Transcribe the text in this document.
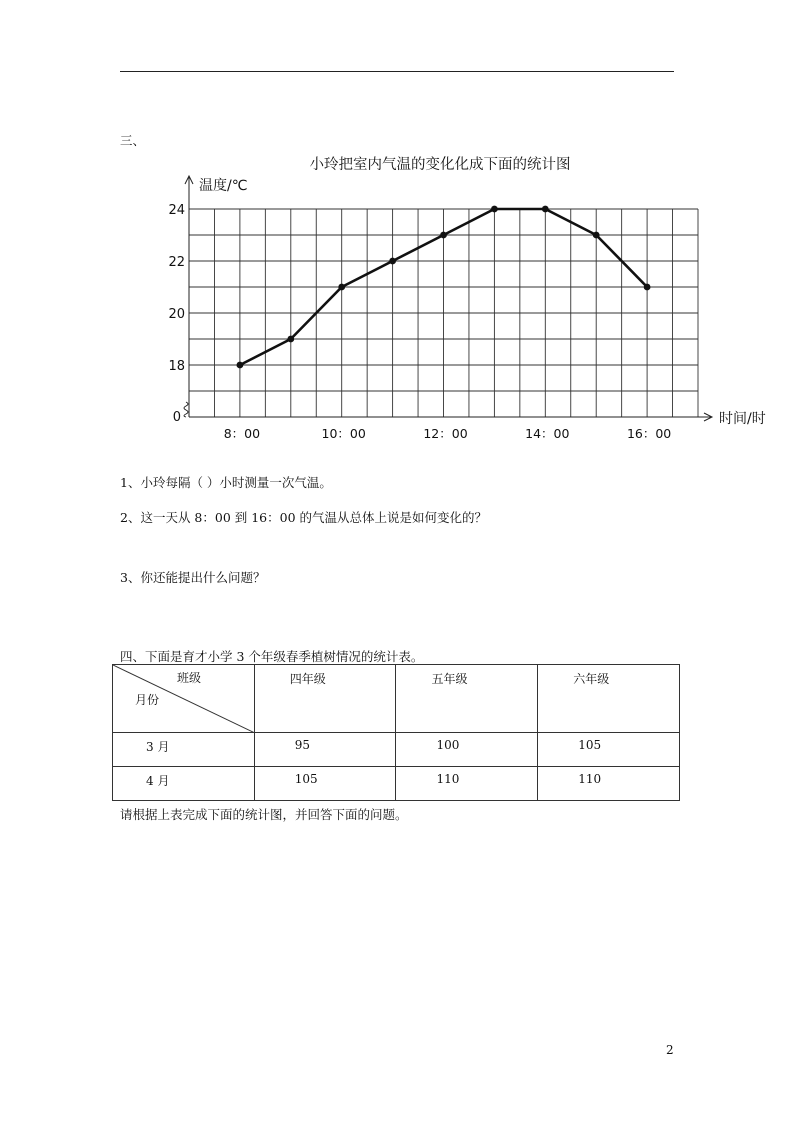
三、
小玲把室内气温的变化化成下面的统计图
温度/℃
时间/时
0
18
20
22
24
8：00	10：00	12：00	14：00	16：00
1、小玲每隔（ ）小时测量一次气温。
2、这一天从 8：00 到 16：00 的气温从总体上说是如何变化的？
3、你还能提出什么问题？
四、下面是育才小学 3 个年级春季植树情况的统计表。
班级
月份	四年级	五年级	六年级

3 月	95	100	105

4 月	105	110	110
请根据上表完成下面的统计图，并回答下面的问题。
2
